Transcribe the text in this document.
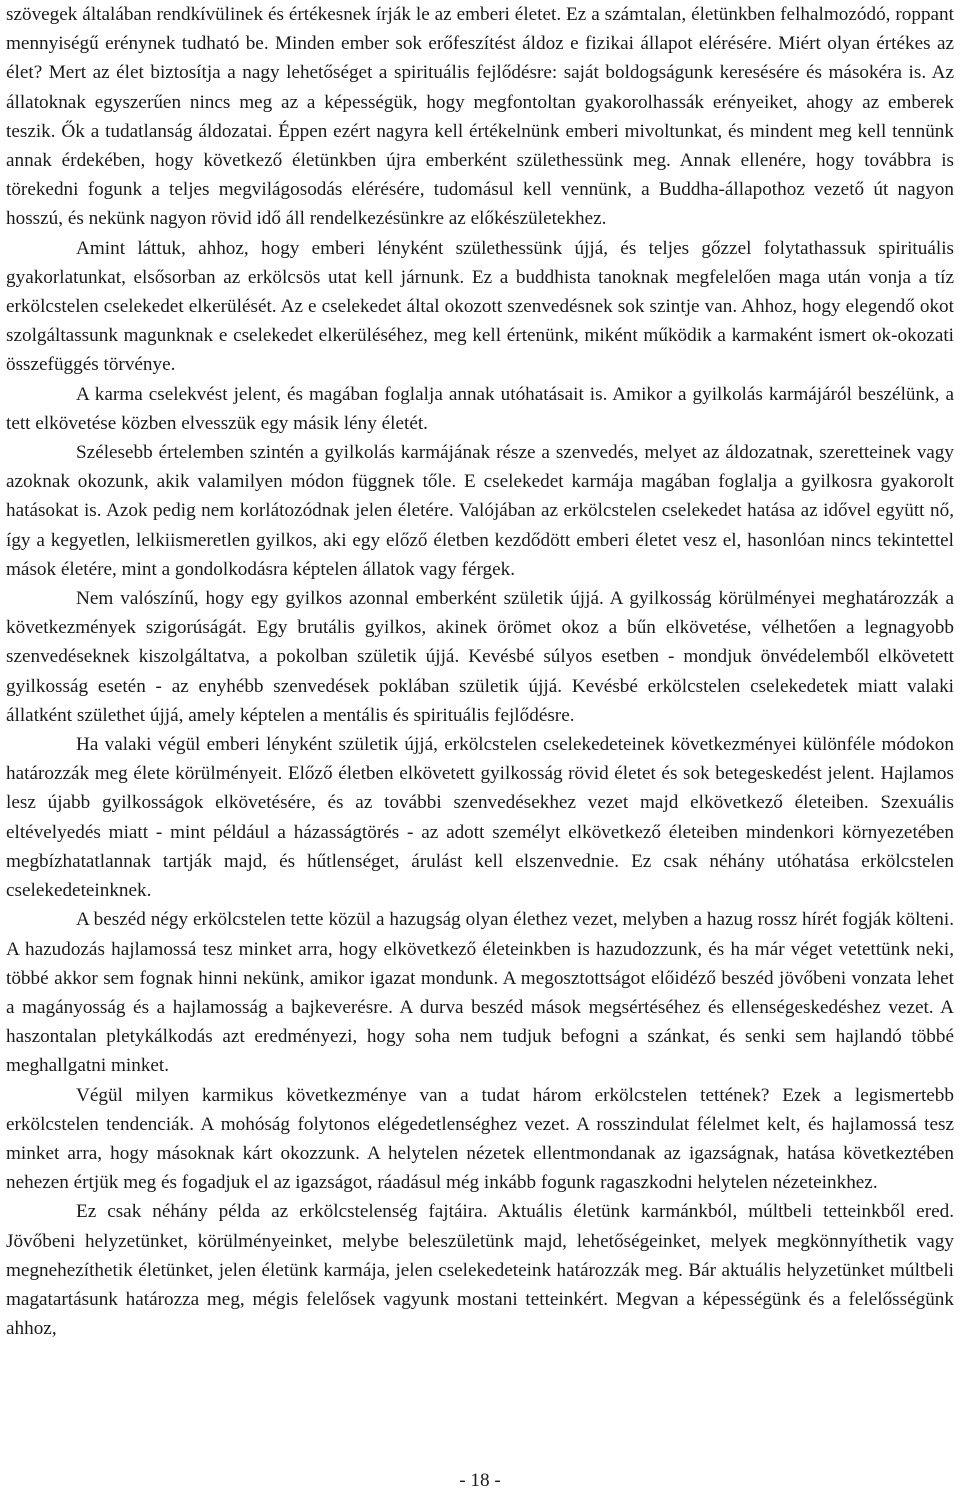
szövegek általában rendkívülinek és értékesnek írják le az emberi életet. Ez a számtalan, életünkben felhalmozódó, roppant mennyiségű erénynek tudható be. Minden ember sok erőfeszítést áldoz e fizikai állapot elérésére. Miért olyan értékes az élet? Mert az élet biztosítja a nagy lehetőséget a spirituális fejlődésre: saját boldogságunk keresésére és másokéra is. Az állatoknak egyszerűen nincs meg az a képességük, hogy megfontoltan gyakorolhassák erényeiket, ahogy az emberek teszik. Ők a tudatlanság áldozatai. Éppen ezért nagyra kell értékelnünk emberi mivoltunkat, és mindent meg kell tennünk annak érdekében, hogy következő életünkben újra emberként születhessünk meg. Annak ellenére, hogy továbbra is törekedni fogunk a teljes megvilágosodás elérésére, tudomásul kell vennünk, a Buddha-állapothoz vezető út nagyon hosszú, és nekünk nagyon rövid idő áll rendelkezésünkre az előkészületekhez.

Amint láttuk, ahhoz, hogy emberi lényként születhessünk újjá, és teljes gőzzel folytathassuk spirituális gyakorlatunkat, elsősorban az erkölcsös utat kell járnunk. Ez a buddhista tanoknak megfelelően maga után vonja a tíz erkölcstelen cselekedet elkerülését. Az e cselekedet által okozott szenvedésnek sok szintje van. Ahhoz, hogy elegendő okot szolgáltassunk magunknak e cselekedet elkerüléséhez, meg kell értenünk, miként működik a karmaként ismert ok-okozati összefüggés törvénye.

A karma cselekvést jelent, és magában foglalja annak utóhatásait is. Amikor a gyilkolás karmájáról beszélünk, a tett elkövetése közben elvesszük egy másik lény életét.

Szélesebb értelemben szintén a gyilkolás karmájának része a szenvedés, melyet az áldozatnak, szeretteinek vagy azoknak okozunk, akik valamilyen módon függnek tőle. E cselekedet karmája magában foglalja a gyilkosra gyakorolt hatásokat is. Azok pedig nem korlátozódnak jelen életére. Valójában az erkölcstelen cselekedet hatása az idővel együtt nő, így a kegyetlen, lelkiismeretlen gyilkos, aki egy előző életben kezdődött emberi életet vesz el, hasonlóan nincs tekintettel mások életére, mint a gondolkodásra képtelen állatok vagy férgek.

Nem valószínű, hogy egy gyilkos azonnal emberként születik újjá. A gyilkosság körülményei meghatározzák a következmények szigorúságát. Egy brutális gyilkos, akinek örömet okoz a bűn elkövetése, vélhetően a legnagyobb szenvedéseknek kiszolgáltatva, a pokolban születik újjá. Kevésbé súlyos esetben - mondjuk önvédelemből elkövetett gyilkosság esetén - az enyhébb szenvedések poklában születik újjá. Kevésbé erkölcstelen cselekedetek miatt valaki állatként születhet újjá, amely képtelen a mentális és spirituális fejlődésre.

Ha valaki végül emberi lényként születik újjá, erkölcstelen cselekedeteinek következményei különféle módokon határozzák meg élete körülményeit. Előző életben elkövetett gyilkosság rövid életet és sok betegeskedést jelent. Hajlamos lesz újabb gyilkosságok elkövetésére, és az további szenvedésekhez vezet majd elkövetkező életeiben. Szexuális eltévelyedés miatt - mint például a házasságtörés - az adott személyt elkövetkező életeiben mindenkori környezetében megbízhatatlannak tartják majd, és hűtlenséget, árulást kell elszenvednie. Ez csak néhány utóhatása erkölcstelen cselekedeteinknek.

A beszéd négy erkölcstelen tette közül a hazugság olyan élethez vezet, melyben a hazug rossz hírét fogják költeni. A hazudozás hajlamossá tesz minket arra, hogy elkövetkező életeinkben is hazudozzunk, és ha már véget vetettünk neki, többé akkor sem fognak hinni nekünk, amikor igazat mondunk. A megosztottságot előidéző beszéd jövőbeni vonzata lehet a magányosság és a hajlamosság a bajkeverésre. A durva beszéd mások megsértéséhez és ellenségeskedéshez vezet. A haszontalan pletykálkodás azt eredményezi, hogy soha nem tudjuk befogni a szánkat, és senki sem hajlandó többé meghallgatni minket.

Végül milyen karmikus következménye van a tudat három erkölcstelen tettének? Ezek a legismertebb erkölcstelen tendenciák. A mohóság folytonos elégedetlenséghez vezet. A rosszindulat félelmet kelt, és hajlamossá tesz minket arra, hogy másoknak kárt okozzunk. A helytelen nézetek ellentmondanak az igazságnak, hatása következtében nehezen értjük meg és fogadjuk el az igazságot, ráadásul még inkább fogunk ragaszkodni helytelen nézeteinkhez.

Ez csak néhány példa az erkölcstelenség fajtáira. Aktuális életünk karmánkból, múltbeli tetteinkből ered. Jövőbeni helyzetünket, körülményeinket, melybe beleszületünk majd, lehetőségeinket, melyek megkönnyíthetik vagy megnehezíthetik életünket, jelen életünk karmája, jelen cselekedeteink határozzák meg. Bár aktuális helyzetünket múltbeli magatartásunk határozza meg, mégis felelősek vagyunk mostani tetteinkért. Megvan a képességünk és a felelősségünk ahhoz,

- 18 -
